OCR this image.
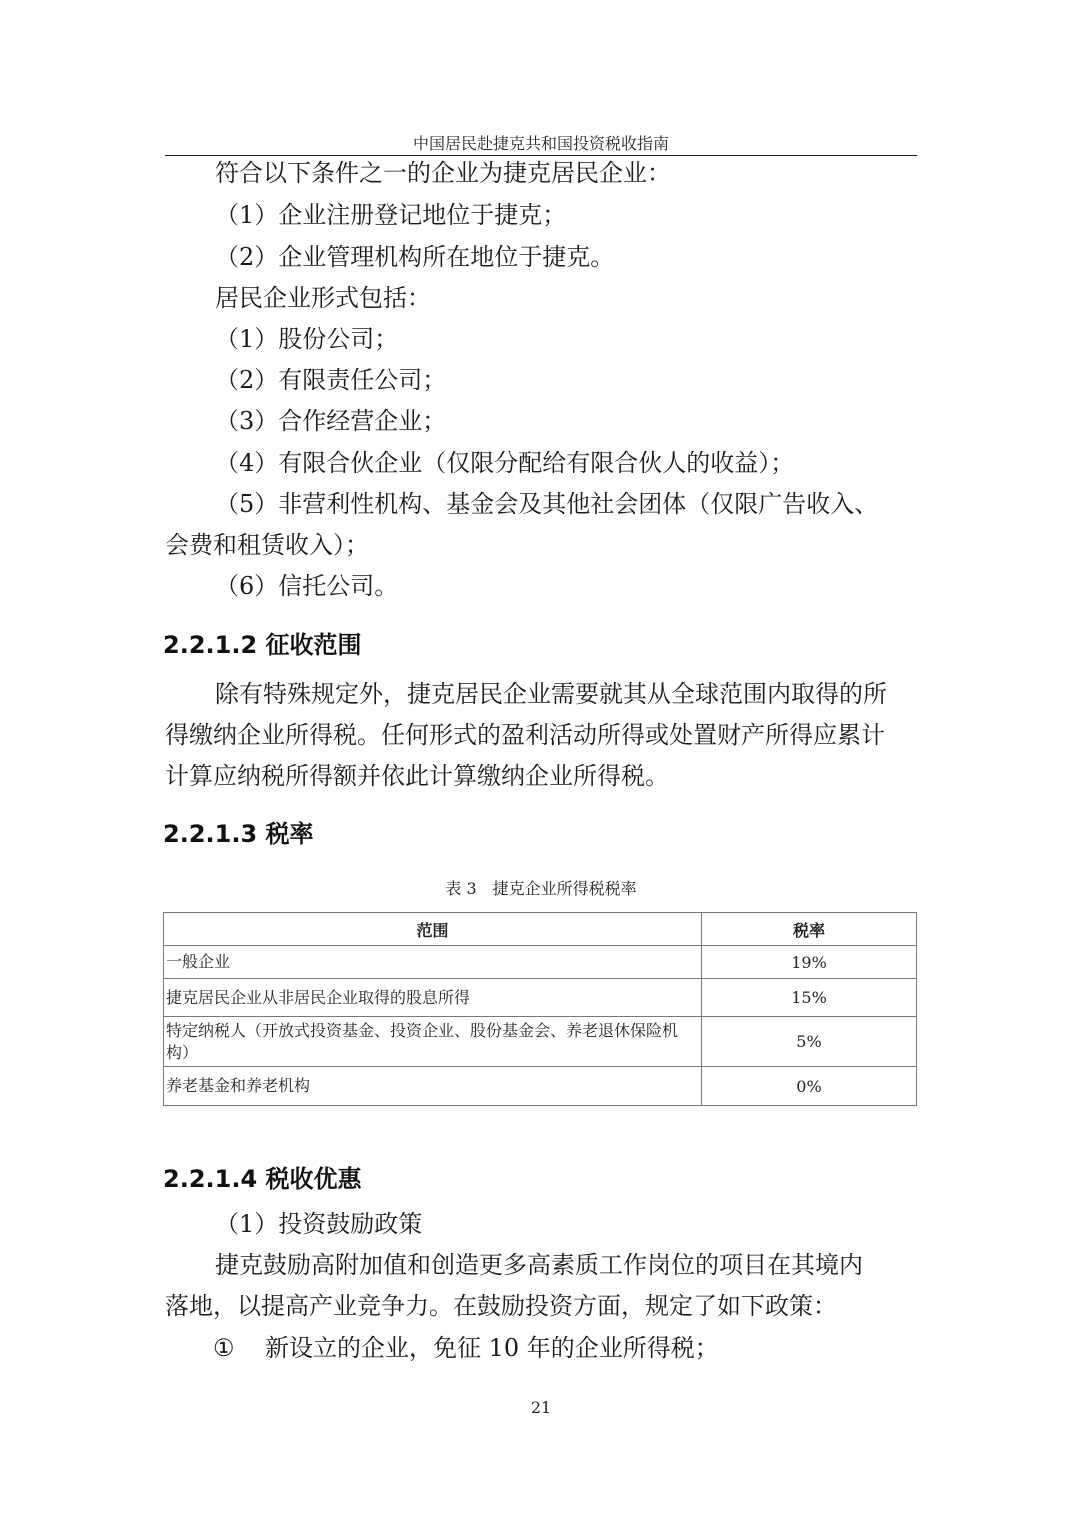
中国居民赴捷克共和国投资税收指南
符合以下条件之一的企业为捷克居民企业：
（1）企业注册登记地位于捷克；
（2）企业管理机构所在地位于捷克。
居民企业形式包括：
（1）股份公司；
（2）有限责任公司；
（3）合作经营企业；
（4）有限合伙企业（仅限分配给有限合伙人的收益）；
（5）非营利性机构、基金会及其他社会团体（仅限广告收入、
会费和租赁收入）；
（6）信托公司。
2.2.1.2 征收范围
除有特殊规定外，捷克居民企业需要就其从全球范围内取得的所
得缴纳企业所得税。任何形式的盈利活动所得或处置财产所得应累计
计算应纳税所得额并依此计算缴纳企业所得税。
2.2.1.3 税率
表 3　捷克企业所得税税率
范围	税率
一般企业	19%
捷克居民企业从非居民企业取得的股息所得	15%
特定纳税人（开放式投资基金、投资企业、股份基金会、养老退休保险机构）	5%
养老基金和养老机构	0%
2.2.1.4 税收优惠
（1）投资鼓励政策
捷克鼓励高附加值和创造更多高素质工作岗位的项目在其境内
落地，以提高产业竞争力。在鼓励投资方面，规定了如下政策：
① 新设立的企业，免征 10 年的企业所得税；
21
